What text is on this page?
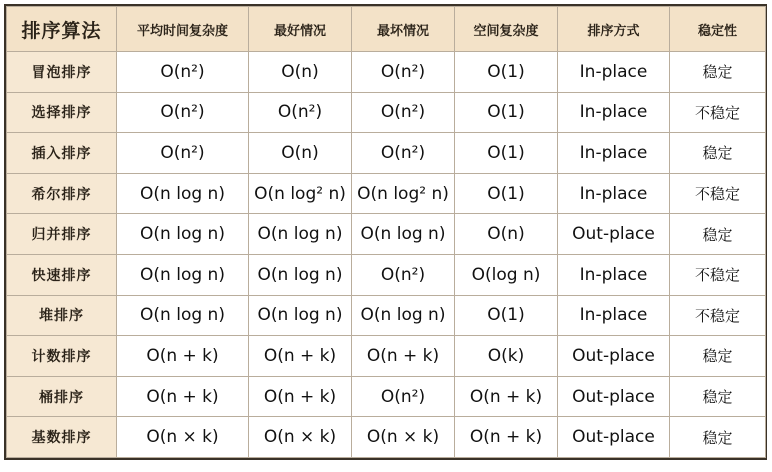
排序算法	平均时间复杂度	最好情况	最坏情况	空间复杂度	排序方式	稳定性
冒泡排序	O(n²)	O(n)	O(n²)	O(1)	In-place	稳定
选择排序	O(n²)	O(n²)	O(n²)	O(1)	In-place	不稳定
插入排序	O(n²)	O(n)	O(n²)	O(1)	In-place	稳定
希尔排序	O(n log n)	O(n log² n)	O(n log² n)	O(1)	In-place	不稳定
归并排序	O(n log n)	O(n log n)	O(n log n)	O(n)	Out-place	稳定
快速排序	O(n log n)	O(n log n)	O(n²)	O(log n)	In-place	不稳定
堆排序	O(n log n)	O(n log n)	O(n log n)	O(1)	In-place	不稳定
计数排序	O(n + k)	O(n + k)	O(n + k)	O(k)	Out-place	稳定
桶排序	O(n + k)	O(n + k)	O(n²)	O(n + k)	Out-place	稳定
基数排序	O(n × k)	O(n × k)	O(n × k)	O(n + k)	Out-place	稳定
